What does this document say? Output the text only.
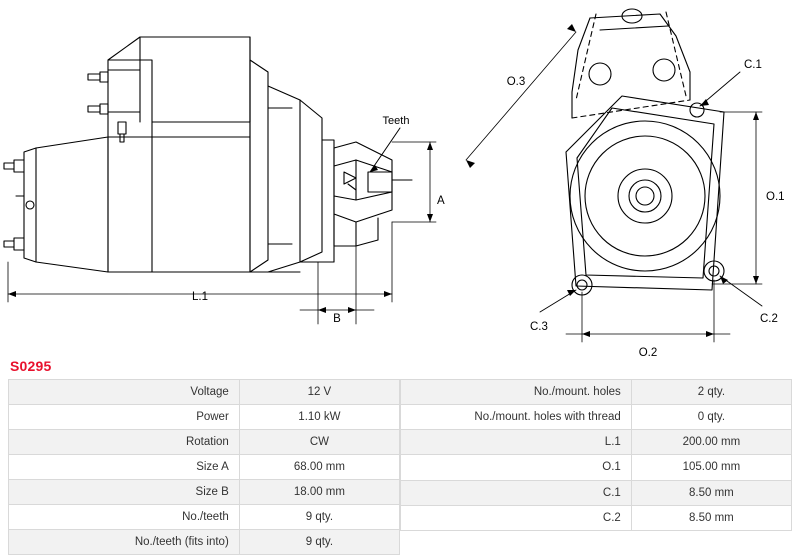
Teeth
L.1
A
B
O.3
O.1
O.2
C.1
C.2
C.3
S0295
Voltage	12 V
Power	1.10 kW
Rotation	CW
Size A	68.00 mm
Size B	18.00 mm
No./teeth	9 qty.
No./teeth (fits into)	9 qty.
No./mount. holes	2 qty.
No./mount. holes with thread	0 qty.
L.1	200.00 mm
O.1	105.00 mm
C.1	8.50 mm
C.2	8.50 mm
